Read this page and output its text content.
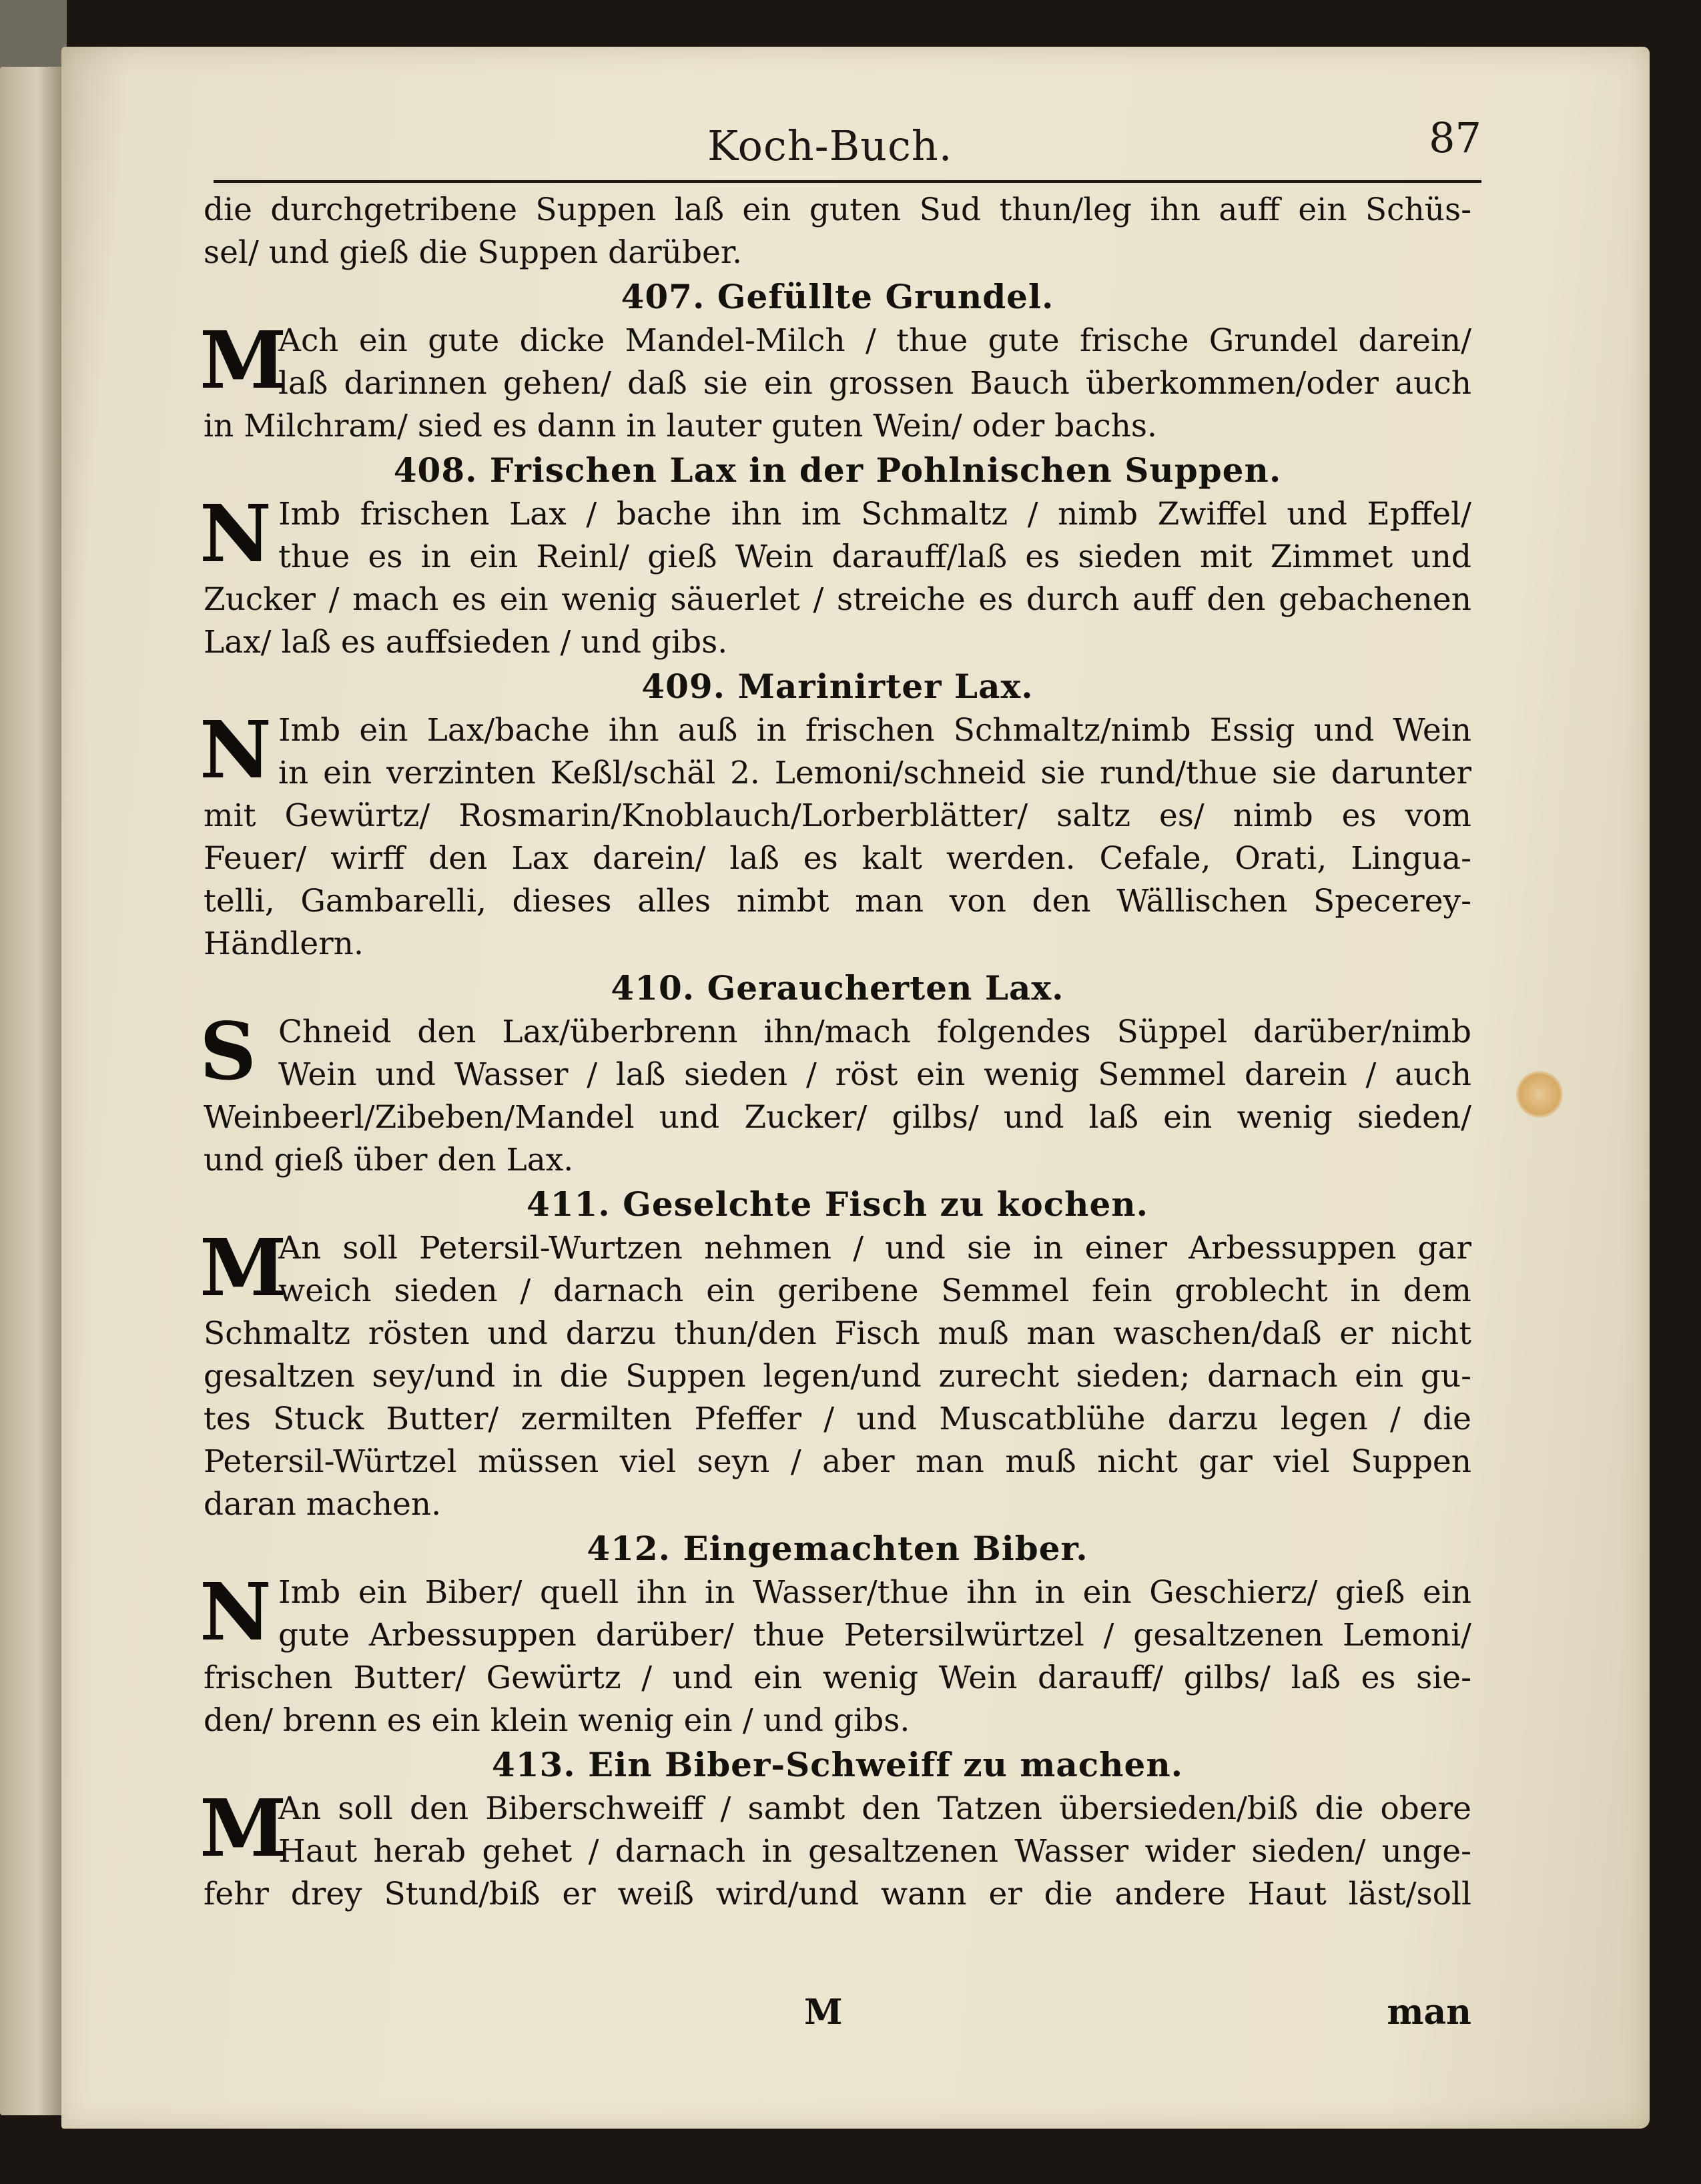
Koch-Buch.	87
die durchgetribene Suppen laß ein guten Sud thun/leg ihn auff ein Schüs-
sel/ und gieß die Suppen darüber.
407. Gefüllte Grundel.
M
Ach ein gute dicke Mandel-Milch / thue gute frische Grundel darein/
laß darinnen gehen/ daß sie ein grossen Bauch überkommen/oder auch
in Milchram/ sied es dann in lauter guten Wein/ oder bachs.
408. Frischen Lax in der Pohlnischen Suppen.
N Imb frischen Lax / bache ihn im Schmaltz / nimb Zwiffel und Epffel/
thue es in ein Reinl/ gieß Wein darauff/laß es sieden mit Zimmet und
Zucker / mach es ein wenig säuerlet / streiche es durch auff den gebachenen
Lax/ laß es auffsieden / und gibs.
409. Marinirter Lax.
N Imb ein Lax/bache ihn auß in frischen Schmaltz/nimb Essig und Wein
in ein verzinten Keßl/schäl 2. Lemoni/schneid sie rund/thue sie darunter
mit Gewürtz/ Rosmarin/Knoblauch/Lorberblätter/ saltz es/ nimb es vom
Feuer/ wirff den Lax darein/ laß es kalt werden. Cefale, Orati, Lingua-
telli, Gambarelli, dieses alles nimbt man von den Wällischen Specerey-
Händlern.
410. Geraucherten Lax.
S Chneid den Lax/überbrenn ihn/mach folgendes Süppel darüber/nimb
Wein und Wasser / laß sieden / röst ein wenig Semmel darein / auch
Weinbeerl/Zibeben/Mandel und Zucker/ gilbs/ und laß ein wenig sieden/
und gieß über den Lax.
411. Geselchte Fisch zu kochen.
M
An soll Petersil-Wurtzen nehmen / und sie in einer Arbessuppen gar
weich sieden / darnach ein geribene Semmel fein groblecht in dem
Schmaltz rösten und darzu thun/den Fisch muß man waschen/daß er nicht
gesaltzen sey/und in die Suppen legen/und zurecht sieden; darnach ein gu-
tes Stuck Butter/ zermilten Pfeffer / und Muscatblühe darzu legen / die
Petersil-Würtzel müssen viel seyn / aber man muß nicht gar viel Suppen
daran machen.
412. Eingemachten Biber.
N Imb ein Biber/ quell ihn in Wasser/thue ihn in ein Geschierz/ gieß ein
gute Arbessuppen darüber/ thue Petersilwürtzel / gesaltzenen Lemoni/
frischen Butter/ Gewürtz / und ein wenig Wein darauff/ gilbs/ laß es sie-
den/ brenn es ein klein wenig ein / und gibs.
413. Ein Biber-Schweiff zu machen.
M
An soll den Biberschweiff / sambt den Tatzen übersieden/biß die obere
Haut herab gehet / darnach in gesaltzenen Wasser wider sieden/ unge-
fehr drey Stund/biß er weiß wird/und wann er die andere Haut läst/soll
M	man
